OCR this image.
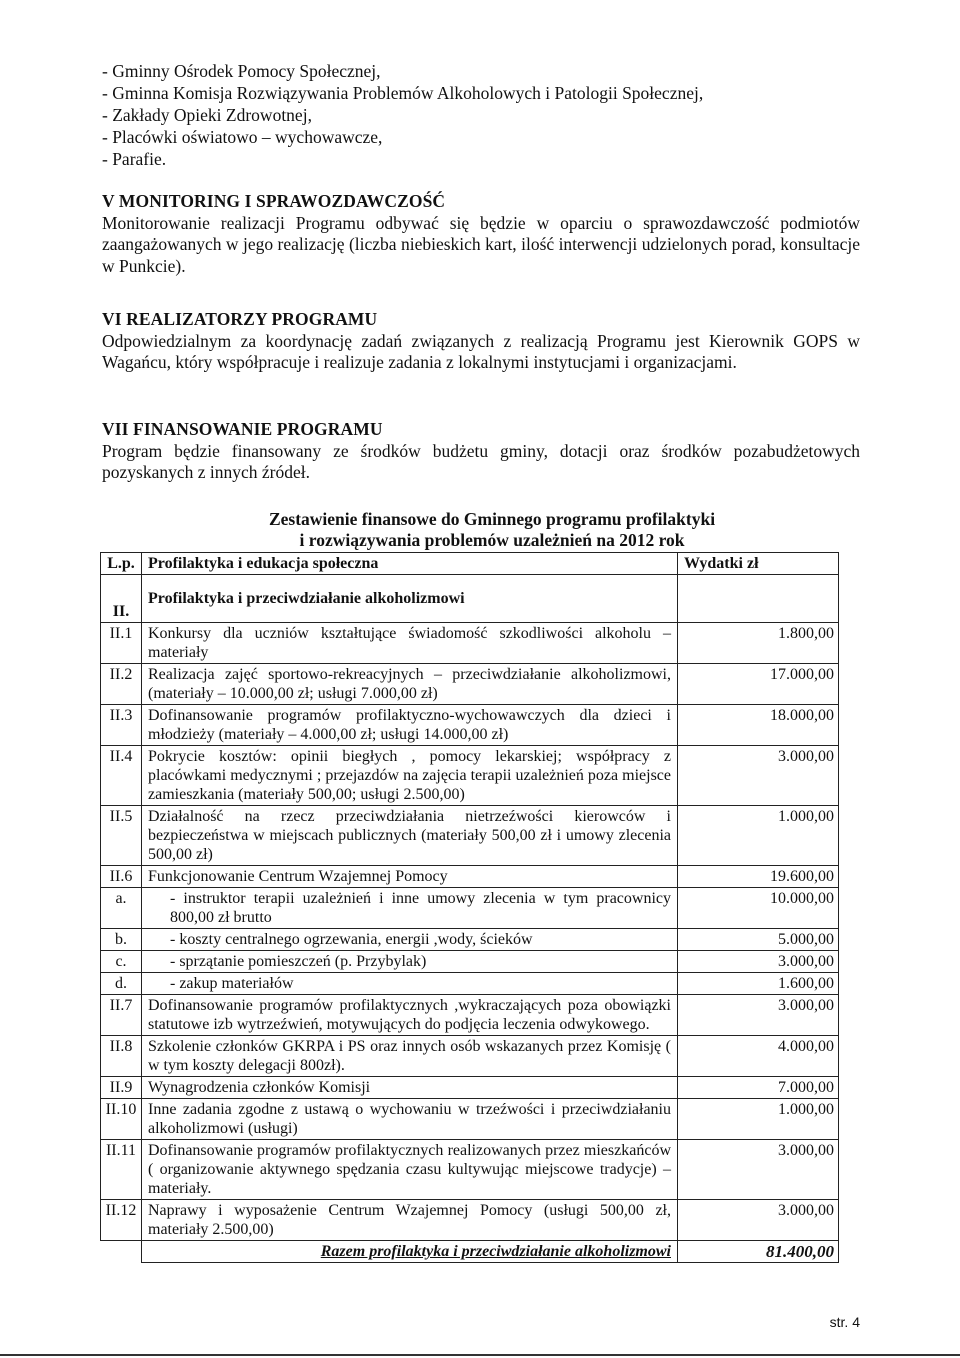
- Gminny Ośrodek Pomocy Społecznej,
- Gminna Komisja Rozwiązywania Problemów Alkoholowych i Patologii Społecznej,
- Zakłady Opieki Zdrowotnej,
- Placówki oświatowo – wychowawcze,
- Parafie.
V MONITORING I SPRAWOZDAWCZOŚĆ

Monitorowanie realizacji Programu odbywać się będzie w oparciu o sprawozdawczość podmiotów zaangażowanych w jego realizację (liczba niebieskich kart, ilość interwencji udzielonych porad, konsultacje w Punkcie).

VI REALIZATORZY PROGRAMU

Odpowiedzialnym za koordynację zadań związanych z realizacją Programu jest Kierownik GOPS w Wagańcu, który współpracuje i realizuje zadania z lokalnymi instytucjami i organizacjami.

VII FINANSOWANIE PROGRAMU

Program będzie finansowany ze środków budżetu gminy, dotacji oraz środków pozabudżetowych pozyskanych z innych źródeł.

Zestawienie finansowe do Gminnego programu profilaktyki
i rozwiązywania problemów uzależnień na 2012 rok
L.p.	Profilaktyka i edukacja społeczna	Wydatki zł
II.	Profilaktyka i przeciwdziałanie alkoholizmowi	
II.1	Konkursy dla uczniów kształtujące świadomość szkodliwości alkoholu – materiały	1.800,00
II.2	Realizacja zajęć sportowo-rekreacyjnych – przeciwdziałanie alkoholizmowi, (materiały – 10.000,00 zł; usługi 7.000,00 zł)	17.000,00
II.3	Dofinansowanie programów profilaktyczno-wychowawczych dla dzieci i młodzieży (materiały – 4.000,00 zł; usługi 14.000,00 zł)	18.000,00
II.4	Pokrycie kosztów: opinii biegłych , pomocy lekarskiej; współpracy z placówkami medycznymi ; przejazdów na zajęcia terapii uzależnień poza miejsce zamieszkania (materiały 500,00; usługi 2.500,00)	3.000,00
II.5	Działalność na rzecz przeciwdziałania nietrzeźwości kierowców i bezpieczeństwa w miejscach publicznych (materiały 500,00 zł i umowy zlecenia 500,00 zł)	1.000,00
II.6	Funkcjonowanie Centrum Wzajemnej Pomocy	19.600,00
a.	- instruktor terapii uzależnień i inne umowy zlecenia w tym pracownicy 800,00 zł brutto	10.000,00
b.	- koszty centralnego ogrzewania, energii ,wody, ścieków	5.000,00
c.	- sprzątanie pomieszczeń (p. Przybylak)	3.000,00
d.	- zakup materiałów	1.600,00
II.7	Dofinansowanie programów profilaktycznych ,wykraczających poza obowiązki statutowe izb wytrzeźwień, motywujących do podjęcia leczenia odwykowego.	3.000,00
II.8	Szkolenie członków GKRPA i PS oraz innych osób wskazanych przez Komisję ( w tym koszty delegacji 800zł).	4.000,00
II.9	Wynagrodzenia członków Komisji	7.000,00
II.10	Inne zadania zgodne z ustawą o wychowaniu w trzeźwości i przeciwdziałaniu alkoholizmowi (usługi)	1.000,00
II.11	Dofinansowanie programów profilaktycznych realizowanych przez mieszkańców ( organizowanie aktywnego spędzania czasu kultywując miejscowe tradycje) – materiały.	3.000,00
II.12	Naprawy i wyposażenie Centrum Wzajemnej Pomocy (usługi 500,00 zł, materiały 2.500,00)	3.000,00
	Razem profilaktyka i przeciwdziałanie alkoholizmowi	81.400,00
str. 4
